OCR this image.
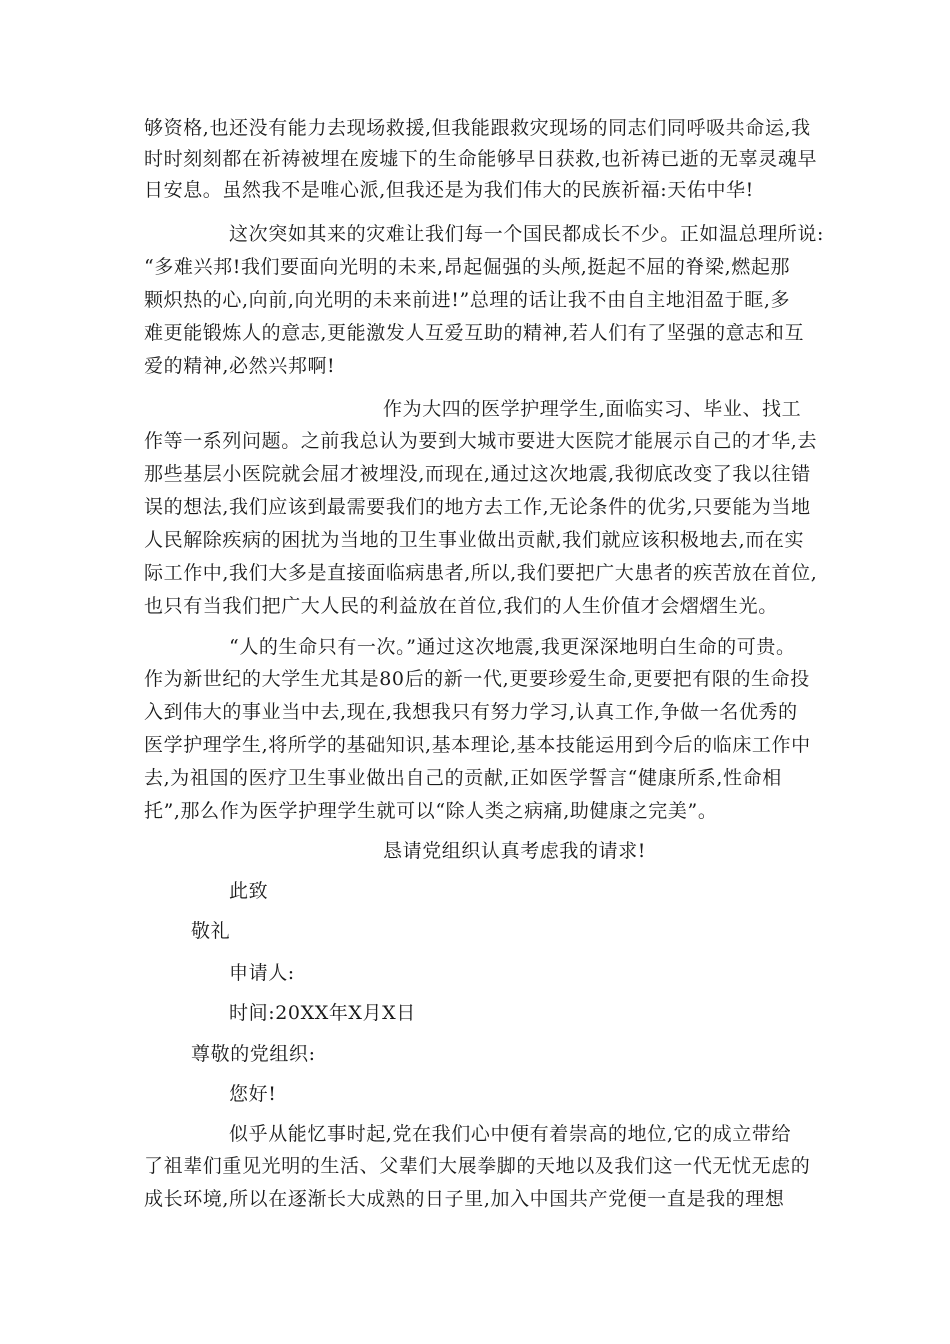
够资格,也还没有能力去现场救援,但我能跟救灾现场的同志们同呼吸共命运,我
时时刻刻都在祈祷被埋在废墟下的生命能够早日获救,也祈祷已逝的无辜灵魂早
日安息。虽然我不是唯心派,但我还是为我们伟大的民族祈福:天佑中华!
这次突如其来的灾难让我们每一个国民都成长不少。正如温总理所说:
“多难兴邦!我们要面向光明的未来,昂起倔强的头颅,挺起不屈的脊梁,燃起那
颗炽热的心,向前,向光明的未来前进!”总理的话让我不由自主地泪盈于眶,多
难更能锻炼人的意志,更能激发人互爱互助的精神,若人们有了坚强的意志和互
爱的精神,必然兴邦啊!
作为大四的医学护理学生,面临实习、毕业、找工
作等一系列问题。之前我总认为要到大城市要进大医院才能展示自己的才华,去
那些基层小医院就会屈才被埋没,而现在,通过这次地震,我彻底改变了我以往错
误的想法,我们应该到最需要我们的地方去工作,无论条件的优劣,只要能为当地
人民解除疾病的困扰为当地的卫生事业做出贡献,我们就应该积极地去,而在实
际工作中,我们大多是直接面临病患者,所以,我们要把广大患者的疾苦放在首位,
也只有当我们把广大人民的利益放在首位,我们的人生价值才会熠熠生光。
“人的生命只有一次。”通过这次地震,我更深深地明白生命的可贵。
作为新世纪的大学生尤其是80后的新一代,更要珍爱生命,更要把有限的生命投
入到伟大的事业当中去,现在,我想我只有努力学习,认真工作,争做一名优秀的
医学护理学生,将所学的基础知识,基本理论,基本技能运用到今后的临床工作中
去,为祖国的医疗卫生事业做出自己的贡献,正如医学誓言“健康所系,性命相
托”,那么作为医学护理学生就可以“除人类之病痛,助健康之完美”。
恳请党组织认真考虑我的请求!
此致
敬礼
申请人:
时间:20XX年X月X日
尊敬的党组织:
您好!
似乎从能忆事时起,党在我们心中便有着崇高的地位,它的成立带给
了祖辈们重见光明的生活、父辈们大展拳脚的天地以及我们这一代无忧无虑的
成长环境,所以在逐渐长大成熟的日子里,加入中国共产党便一直是我的理想
